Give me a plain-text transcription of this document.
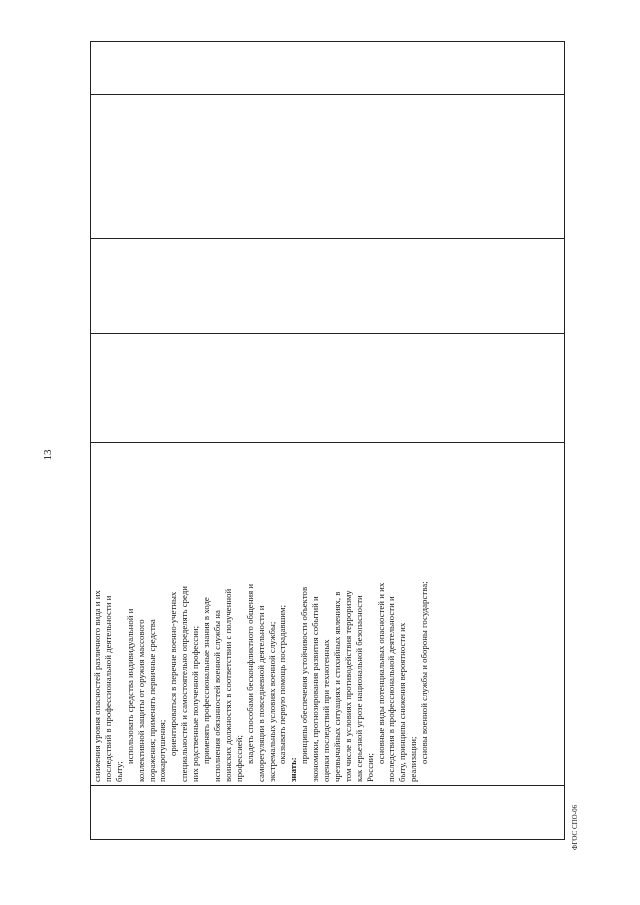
13

снижения уровня опасностей различного вида и их последствий в профессиональной деятельности и быту;
использовать средства индивидуальной и коллективной защиты от оружия массового поражения; применять первичные средства пожаротушения; ориентироваться в перечне военно-учетных специальностей и самостоятельно определять среди них родственные полученной профессии; применять профессиональные знания в ходе исполнения обязанностей военной службы на воинских должностях в соответствии с полученной профессией; владеть способами бесконфликтного общения и саморегуляции в повседневной деятельности и экстремальных условиях военной службы; оказывать первую помощь пострадавшим;
знать:
принципы обеспечения устойчивости объектов экономики, прогнозирования развития событий и оценки последствий при техногенных чрезвычайных ситуациях и стихийных явлениях, в том числе в условиях противодействия терроризму как серьезной угрозе национальной безопасности России;
основные виды потенциальных опасностей и их последствия в профессиональной деятельности и быту, принципы снижения вероятности их реализации; основы военной службы и обороны государства;

ФГОС СПО-06
